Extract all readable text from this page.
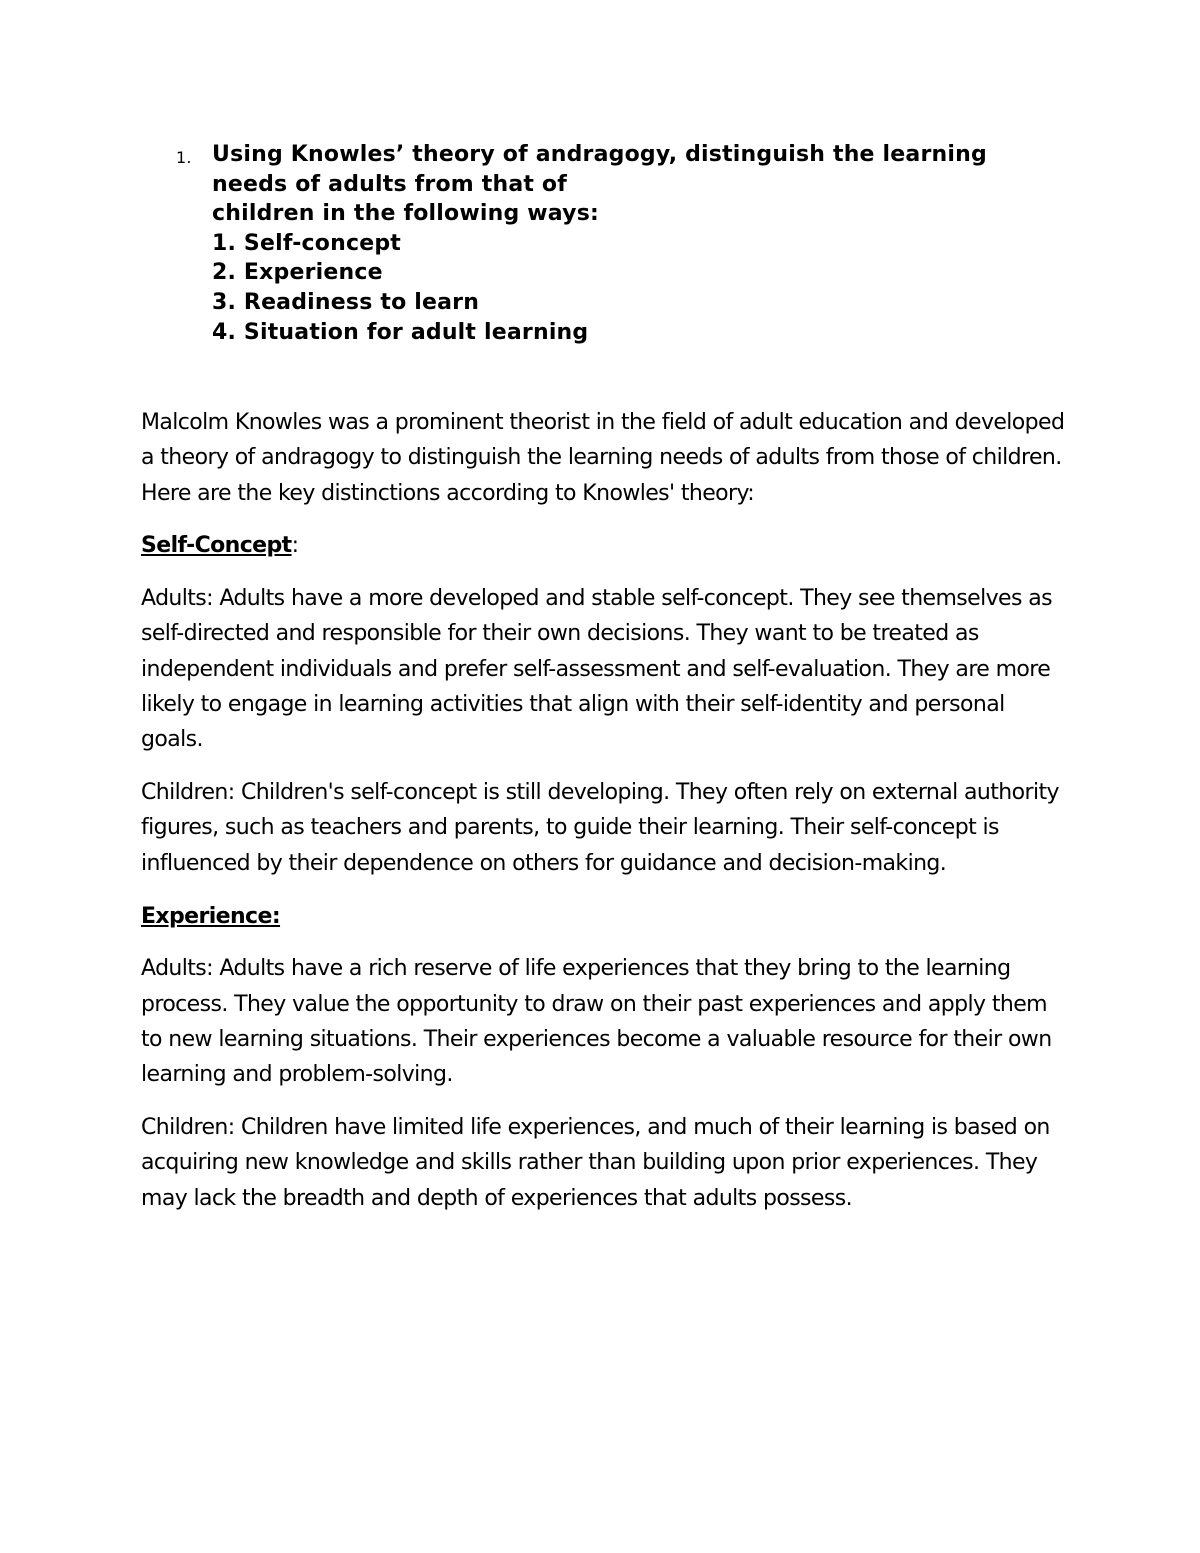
1. Using Knowles’ theory of andragogy, distinguish the learning
needs of adults from that of
children in the following ways:
1. Self-concept
2. Experience
3. Readiness to learn
4. Situation for adult learning

Malcolm Knowles was a prominent theorist in the field of adult education and developed a theory of andragogy to distinguish the learning needs of adults from those of children. Here are the key distinctions according to Knowles' theory:

Self-Concept:

Adults: Adults have a more developed and stable self-concept. They see themselves as self-directed and responsible for their own decisions. They want to be treated as independent individuals and prefer self-assessment and self-evaluation. They are more likely to engage in learning activities that align with their self-identity and personal goals.

Children: Children's self-concept is still developing. They often rely on external authority figures, such as teachers and parents, to guide their learning. Their self-concept is influenced by their dependence on others for guidance and decision-making.

Experience:

Adults: Adults have a rich reserve of life experiences that they bring to the learning process. They value the opportunity to draw on their past experiences and apply them to new learning situations. Their experiences become a valuable resource for their own learning and problem-solving.

Children: Children have limited life experiences, and much of their learning is based on acquiring new knowledge and skills rather than building upon prior experiences. They may lack the breadth and depth of experiences that adults possess.
